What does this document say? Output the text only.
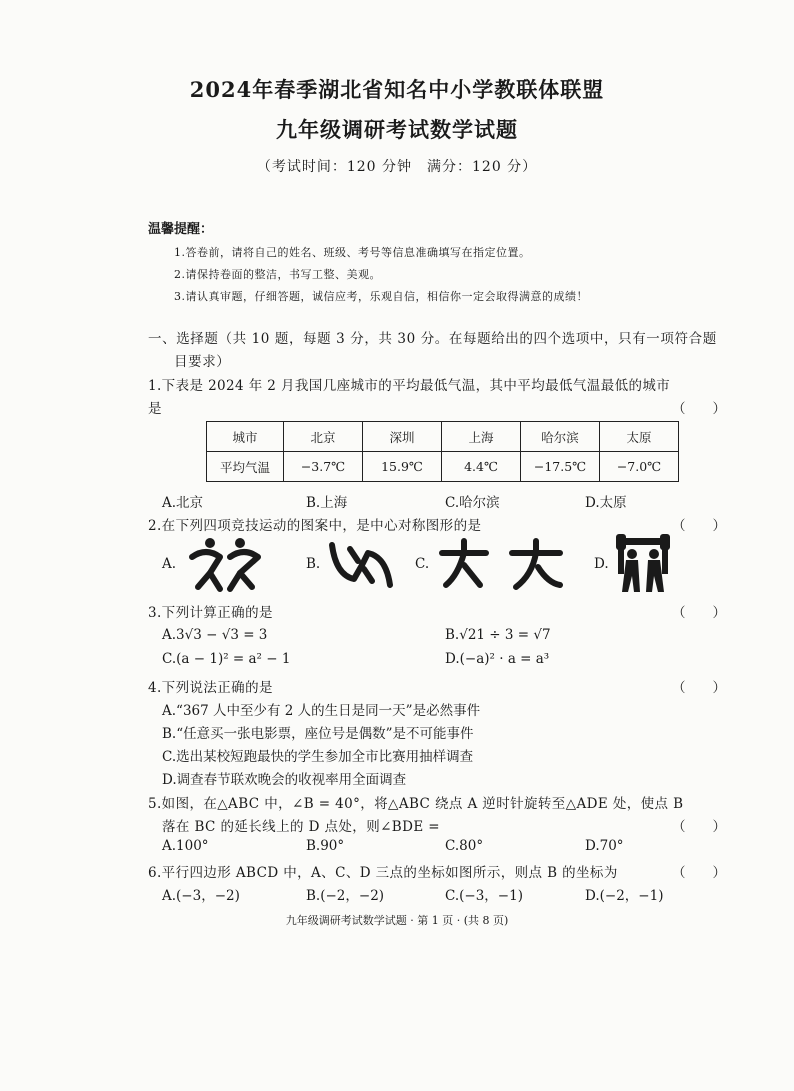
2024年春季湖北省知名中小学教联体联盟
九年级调研考试数学试题
（考试时间：120 分钟　满分：120 分）
温馨提醒：
1.答卷前，请将自己的姓名、班级、考号等信息准确填写在指定位置。
2.请保持卷面的整洁，书写工整、美观。
3.请认真审题，仔细答题，诚信应考，乐观自信，相信你一定会取得满意的成绩！
一、选择题（共 10 题，每题 3 分，共 30 分。在每题给出的四个选项中，只有一项符合题
目要求）
1.下表是 2024 年 2 月我国几座城市的平均最低气温，其中平均最低气温最低的城市
是	（　　）
城市	北京	深圳	上海	哈尔滨	太原
平均气温	−3.7℃	15.9℃	4.4℃	−17.5℃	−7.0℃
A.北京	B.上海	C.哈尔滨	D.太原
2.在下列四项竞技运动的图案中，是中心对称图形的是	（　　）
A.	B.	C.	D.
3.下列计算正确的是	（　　）
A.3√3 − √3 = 3	B.√21 ÷ 3 = √7
C.(a − 1)² = a² − 1	D.(−a)² · a = a³
4.下列说法正确的是	（　　）
A.“367 人中至少有 2 人的生日是同一天”是必然事件
B.“任意买一张电影票，座位号是偶数”是不可能事件
C.选出某校短跑最快的学生参加全市比赛用抽样调查
D.调查春节联欢晚会的收视率用全面调查
5.如图，在△ABC 中，∠B = 40°，将△ABC 绕点 A 逆时针旋转至△ADE 处，使点 B
落在 BC 的延长线上的 D 点处，则∠BDE =	（　　）
A.100°	B.90°	C.80°	D.70°
6.平行四边形 ABCD 中，A、C、D 三点的坐标如图所示，则点 B 的坐标为	（　　）
A.(−3，−2)	B.(−2，−2)	C.(−3，−1)	D.(−2，−1)
九年级调研考试数学试题 · 第 1 页 · (共 8 页)
